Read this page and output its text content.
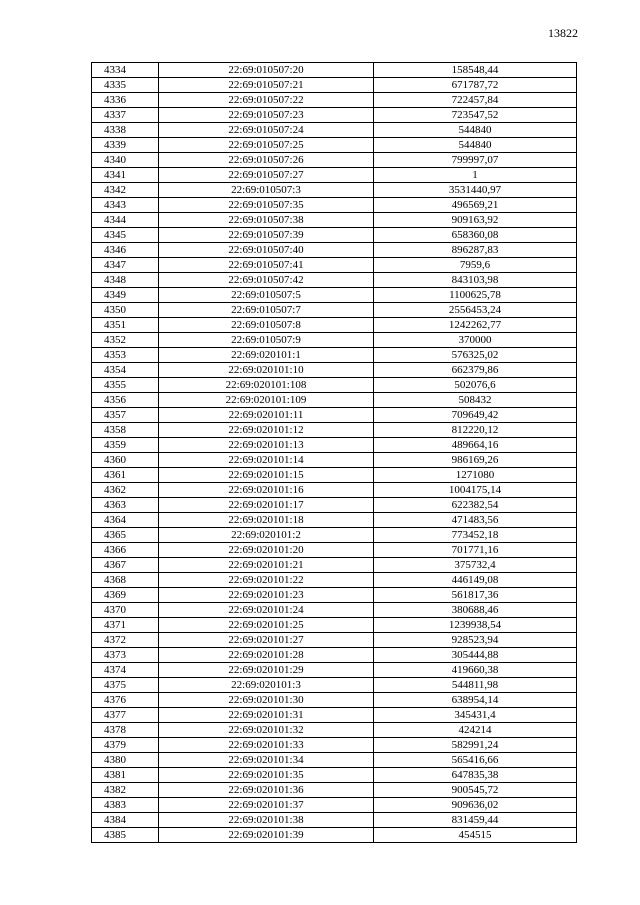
13822
4334	22:69:010507:20	158548,44
4335	22:69:010507:21	671787,72
4336	22:69:010507:22	722457,84
4337	22:69:010507:23	723547,52
4338	22:69:010507:24	544840
4339	22:69:010507:25	544840
4340	22:69:010507:26	799997,07
4341	22:69:010507:27	1
4342	22:69:010507:3	3531440,97
4343	22:69:010507:35	496569,21
4344	22:69:010507:38	909163,92
4345	22:69:010507:39	658360,08
4346	22:69:010507:40	896287,83
4347	22:69:010507:41	7959,6
4348	22:69:010507:42	843103,98
4349	22:69:010507:5	1100625,78
4350	22:69:010507:7	2556453,24
4351	22:69:010507:8	1242262,77
4352	22:69:010507:9	370000
4353	22:69:020101:1	576325,02
4354	22:69:020101:10	662379,86
4355	22:69:020101:108	502076,6
4356	22:69:020101:109	508432
4357	22:69:020101:11	709649,42
4358	22:69:020101:12	812220,12
4359	22:69:020101:13	489664,16
4360	22:69:020101:14	986169,26
4361	22:69:020101:15	1271080
4362	22:69:020101:16	1004175,14
4363	22:69:020101:17	622382,54
4364	22:69:020101:18	471483,56
4365	22:69:020101:2	773452,18
4366	22:69:020101:20	701771,16
4367	22:69:020101:21	375732,4
4368	22:69:020101:22	446149,08
4369	22:69:020101:23	561817,36
4370	22:69:020101:24	380688,46
4371	22:69:020101:25	1239938,54
4372	22:69:020101:27	928523,94
4373	22:69:020101:28	305444,88
4374	22:69:020101:29	419660,38
4375	22:69:020101:3	544811,98
4376	22:69:020101:30	638954,14
4377	22:69:020101:31	345431,4
4378	22:69:020101:32	424214
4379	22:69:020101:33	582991,24
4380	22:69:020101:34	565416,66
4381	22:69:020101:35	647835,38
4382	22:69:020101:36	900545,72
4383	22:69:020101:37	909636,02
4384	22:69:020101:38	831459,44
4385	22:69:020101:39	454515
